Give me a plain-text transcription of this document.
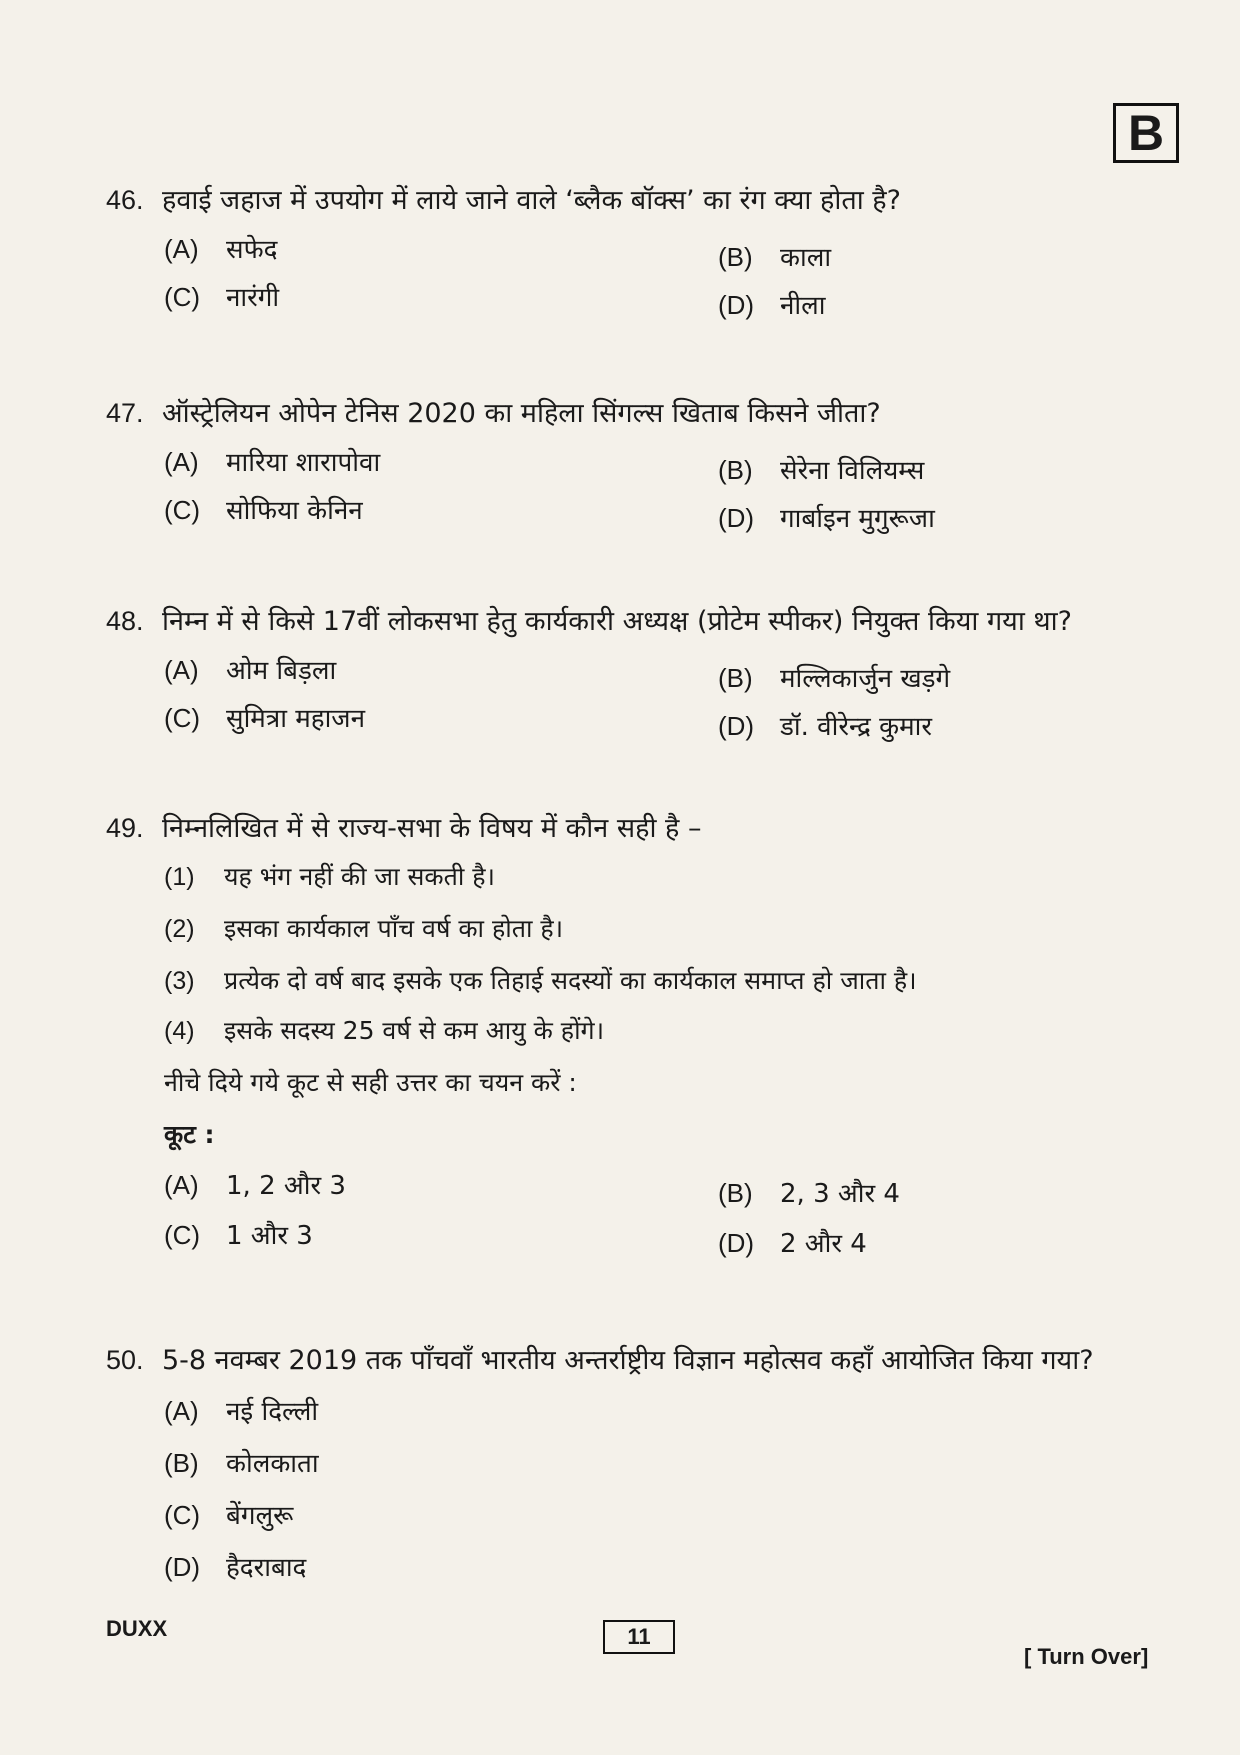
B
46. हवाई जहाज में उपयोग में लाये जाने वाले ‘ब्लैक बॉक्स’ का रंग क्या होता है?
(A) सफेद	(B) काला
(C) नारंगी	(D) नीला
47. ऑस्ट्रेलियन ओपेन टेनिस 2020 का महिला सिंगल्स खिताब किसने जीता?
(A) मारिया शारापोवा	(B) सेरेना विलियम्स
(C) सोफिया केनिन	(D) गार्बाइन मुगुरूजा
48. निम्न में से किसे 17वीं लोकसभा हेतु कार्यकारी अध्यक्ष (प्रोटेम स्पीकर) नियुक्त किया गया था?
(A) ओम बिड़ला	(B) मल्लिकार्जुन खड़गे
(C) सुमित्रा महाजन	(D) डॉ. वीरेन्द्र कुमार
49. निम्नलिखित में से राज्य-सभा के विषय में कौन सही है –
(1) यह भंग नहीं की जा सकती है।
(2) इसका कार्यकाल पाँच वर्ष का होता है।
(3) प्रत्येक दो वर्ष बाद इसके एक तिहाई सदस्यों का कार्यकाल समाप्त हो जाता है।
(4) इसके सदस्य 25 वर्ष से कम आयु के होंगे।
नीचे दिये गये कूट से सही उत्तर का चयन करें :
कूट :
(A) 1, 2 और 3	(B) 2, 3 और 4
(C) 1 और 3	(D) 2 और 4
50. 5-8 नवम्बर 2019 तक पाँचवाँ भारतीय अन्तर्राष्ट्रीय विज्ञान महोत्सव कहाँ आयोजित किया गया?
(A) नई दिल्ली
(B) कोलकाता
(C) बेंगलुरू
(D) हैदराबाद
DUXX	11
[ Turn Over]
